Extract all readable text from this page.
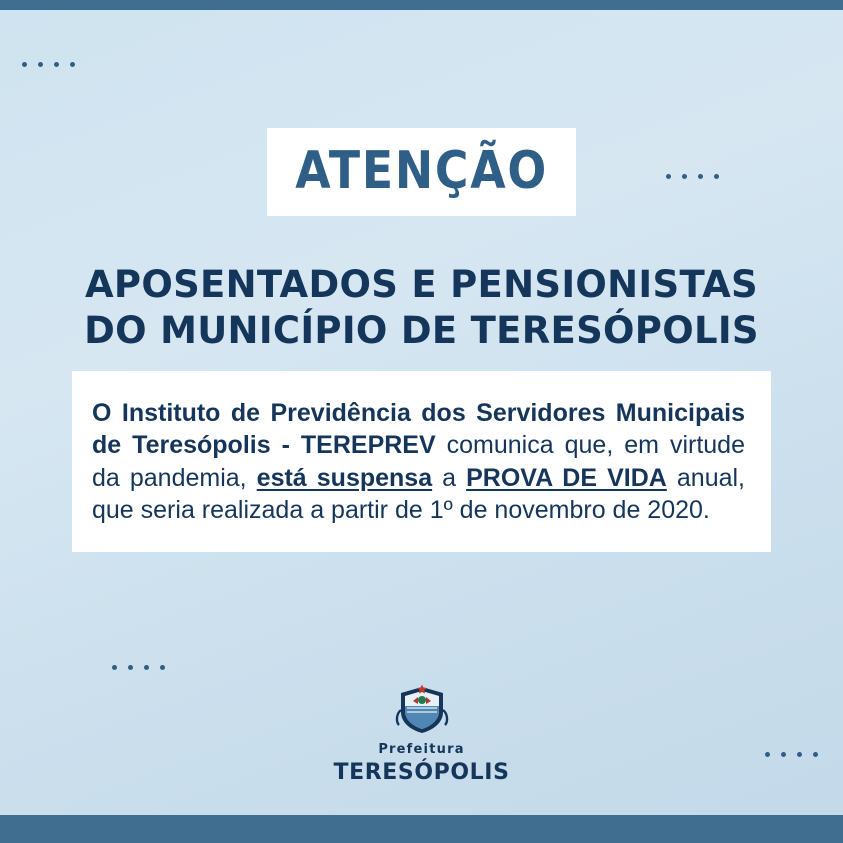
ATENÇÃO
APOSENTADOS E PENSIONISTAS
DO MUNICÍPIO DE TERESÓPOLIS

O Instituto de Previdência dos Servidores Municipais de Teresópolis - TEREPREV comunica que, em virtude da pandemia, está suspensa a PROVA DE VIDA anual, que seria realizada a partir de 1º de novembro de 2020.

Prefeitura
TERESÓPOLIS
